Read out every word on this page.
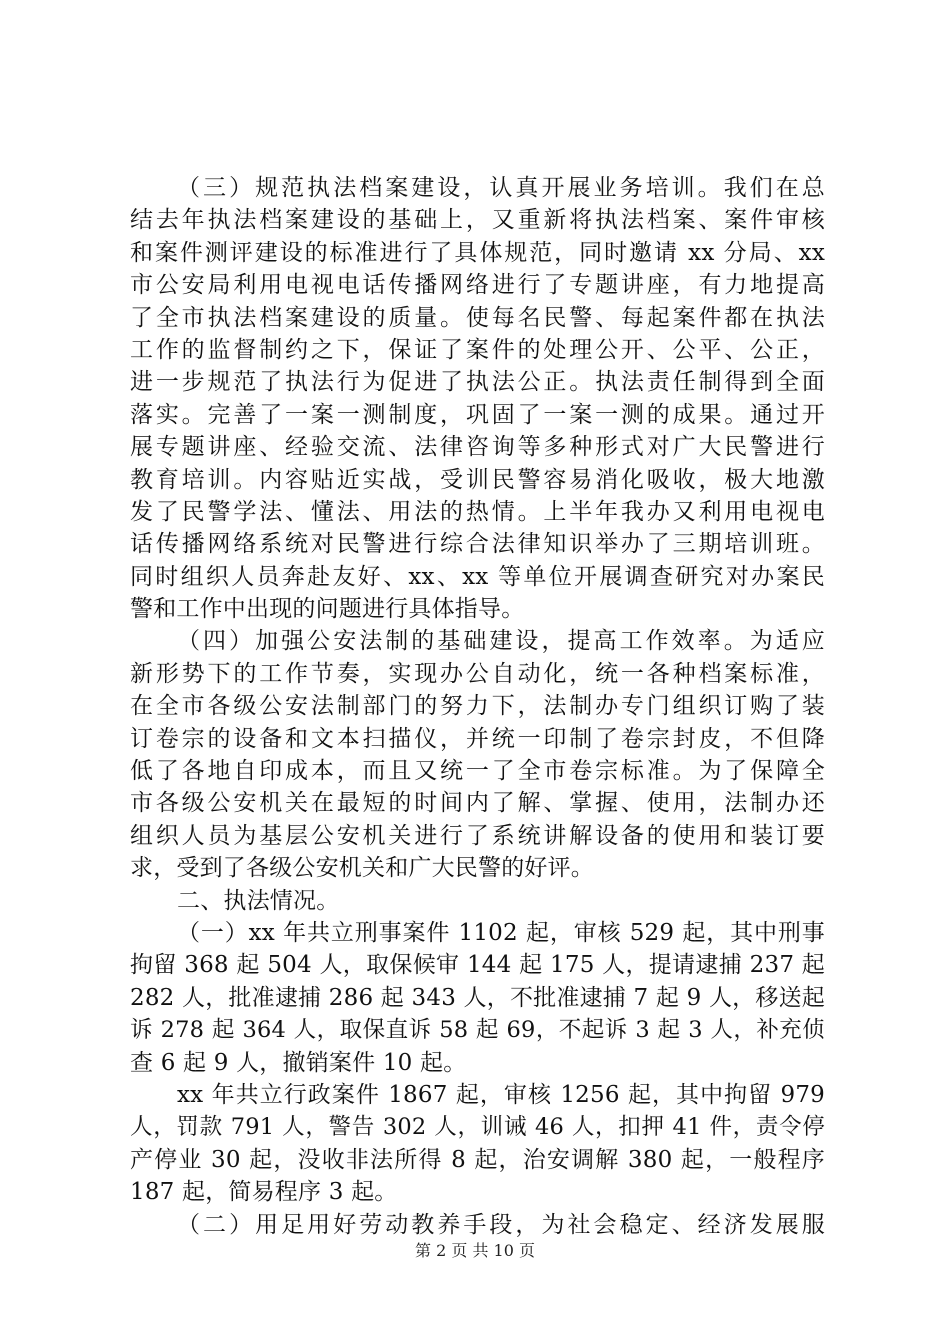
（三）规范执法档案建设，认真开展业务培训。我们在总
结去年执法档案建设的基础上，又重新将执法档案、案件审核
和案件测评建设的标准进行了具体规范，同时邀请 xx 分局、xx
市公安局利用电视电话传播网络进行了专题讲座，有力地提高
了全市执法档案建设的质量。使每名民警、每起案件都在执法
工作的监督制约之下，保证了案件的处理公开、公平、公正，
进一步规范了执法行为促进了执法公正。执法责任制得到全面
落实。完善了一案一测制度，巩固了一案一测的成果。通过开
展专题讲座、经验交流、法律咨询等多种形式对广大民警进行
教育培训。内容贴近实战，受训民警容易消化吸收，极大地激
发了民警学法、懂法、用法的热情。上半年我办又利用电视电
话传播网络系统对民警进行综合法律知识举办了三期培训班。
同时组织人员奔赴友好、xx、xx 等单位开展调查研究对办案民
警和工作中出现的问题进行具体指导。
（四）加强公安法制的基础建设，提高工作效率。为适应
新形势下的工作节奏，实现办公自动化，统一各种档案标准，
在全市各级公安法制部门的努力下，法制办专门组织订购了装
订卷宗的设备和文本扫描仪，并统一印制了卷宗封皮，不但降
低了各地自印成本，而且又统一了全市卷宗标准。为了保障全
市各级公安机关在最短的时间内了解、掌握、使用，法制办还
组织人员为基层公安机关进行了系统讲解设备的使用和装订要
求，受到了各级公安机关和广大民警的好评。
二、执法情况。
（一）xx 年共立刑事案件 1102 起，审核 529 起，其中刑事
拘留 368 起 504 人，取保候审 144 起 175 人，提请逮捕 237 起
282 人，批准逮捕 286 起 343 人，不批准逮捕 7 起 9 人，移送起
诉 278 起 364 人，取保直诉 58 起 69，不起诉 3 起 3 人，补充侦
查 6 起 9 人，撤销案件 10 起。
xx 年共立行政案件 1867 起，审核 1256 起，其中拘留 979
人，罚款 791 人，警告 302 人，训诫 46 人，扣押 41 件，责令停
产停业 30 起，没收非法所得 8 起，治安调解 380 起，一般程序
187 起，简易程序 3 起。
（二）用足用好劳动教养手段，为社会稳定、经济发展服
第 2 页 共 10 页
